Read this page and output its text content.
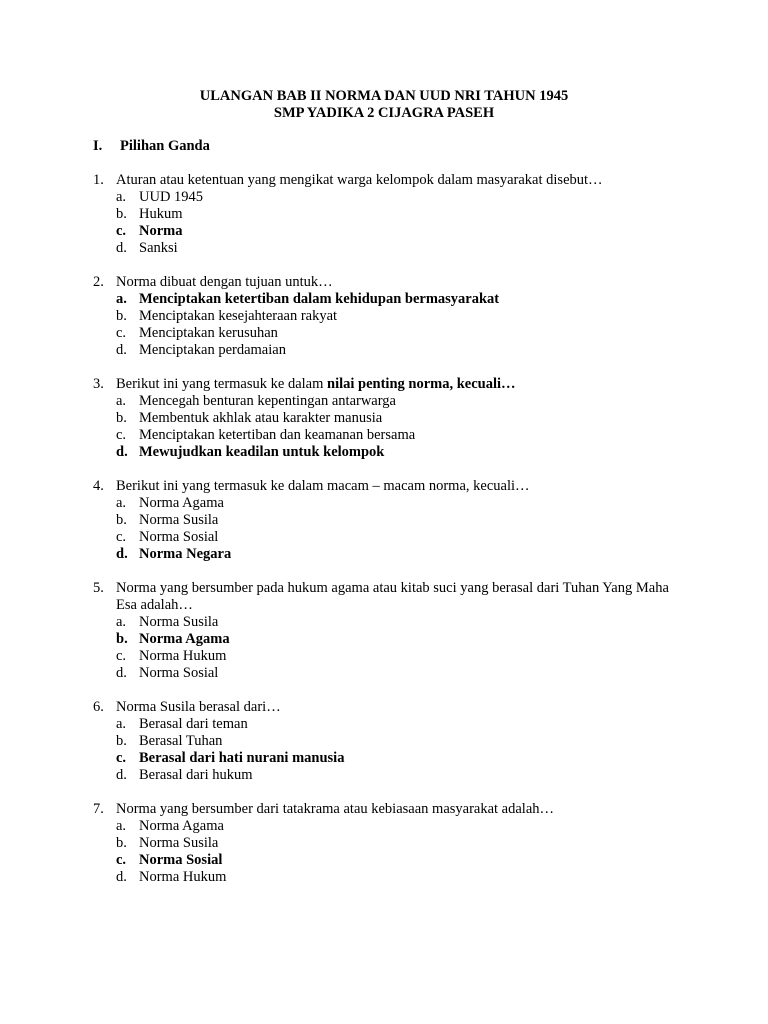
ULANGAN BAB II NORMA DAN UUD NRI TAHUN 1945
SMP YADIKA 2 CIJAGRA PASEH
I. Pilihan Ganda
1. Aturan atau ketentuan yang mengikat warga kelompok dalam masyarakat disebut…
a. UUD 1945
b. Hukum
c. Norma
d. Sanksi
2. Norma dibuat dengan tujuan untuk…
a. Menciptakan ketertiban dalam kehidupan bermasyarakat
b. Menciptakan kesejahteraan rakyat
c. Menciptakan kerusuhan
d. Menciptakan perdamaian
3. Berikut ini yang termasuk ke dalam nilai penting norma, kecuali…
a. Mencegah benturan kepentingan antarwarga
b. Membentuk akhlak atau karakter manusia
c. Menciptakan ketertiban dan keamanan bersama
d. Mewujudkan keadilan untuk kelompok
4. Berikut ini yang termasuk ke dalam macam – macam norma, kecuali…
a. Norma Agama
b. Norma Susila
c. Norma Sosial
d. Norma Negara
5. Norma yang bersumber pada hukum agama atau kitab suci yang berasal dari Tuhan Yang Maha Esa adalah…
a. Norma Susila
b. Norma Agama
c. Norma Hukum
d. Norma Sosial
6. Norma Susila berasal dari…
a. Berasal dari teman
b. Berasal Tuhan
c. Berasal dari hati nurani manusia
d. Berasal dari hukum
7. Norma yang bersumber dari tatakrama atau kebiasaan masyarakat adalah…
a. Norma Agama
b. Norma Susila
c. Norma Sosial
d. Norma Hukum
